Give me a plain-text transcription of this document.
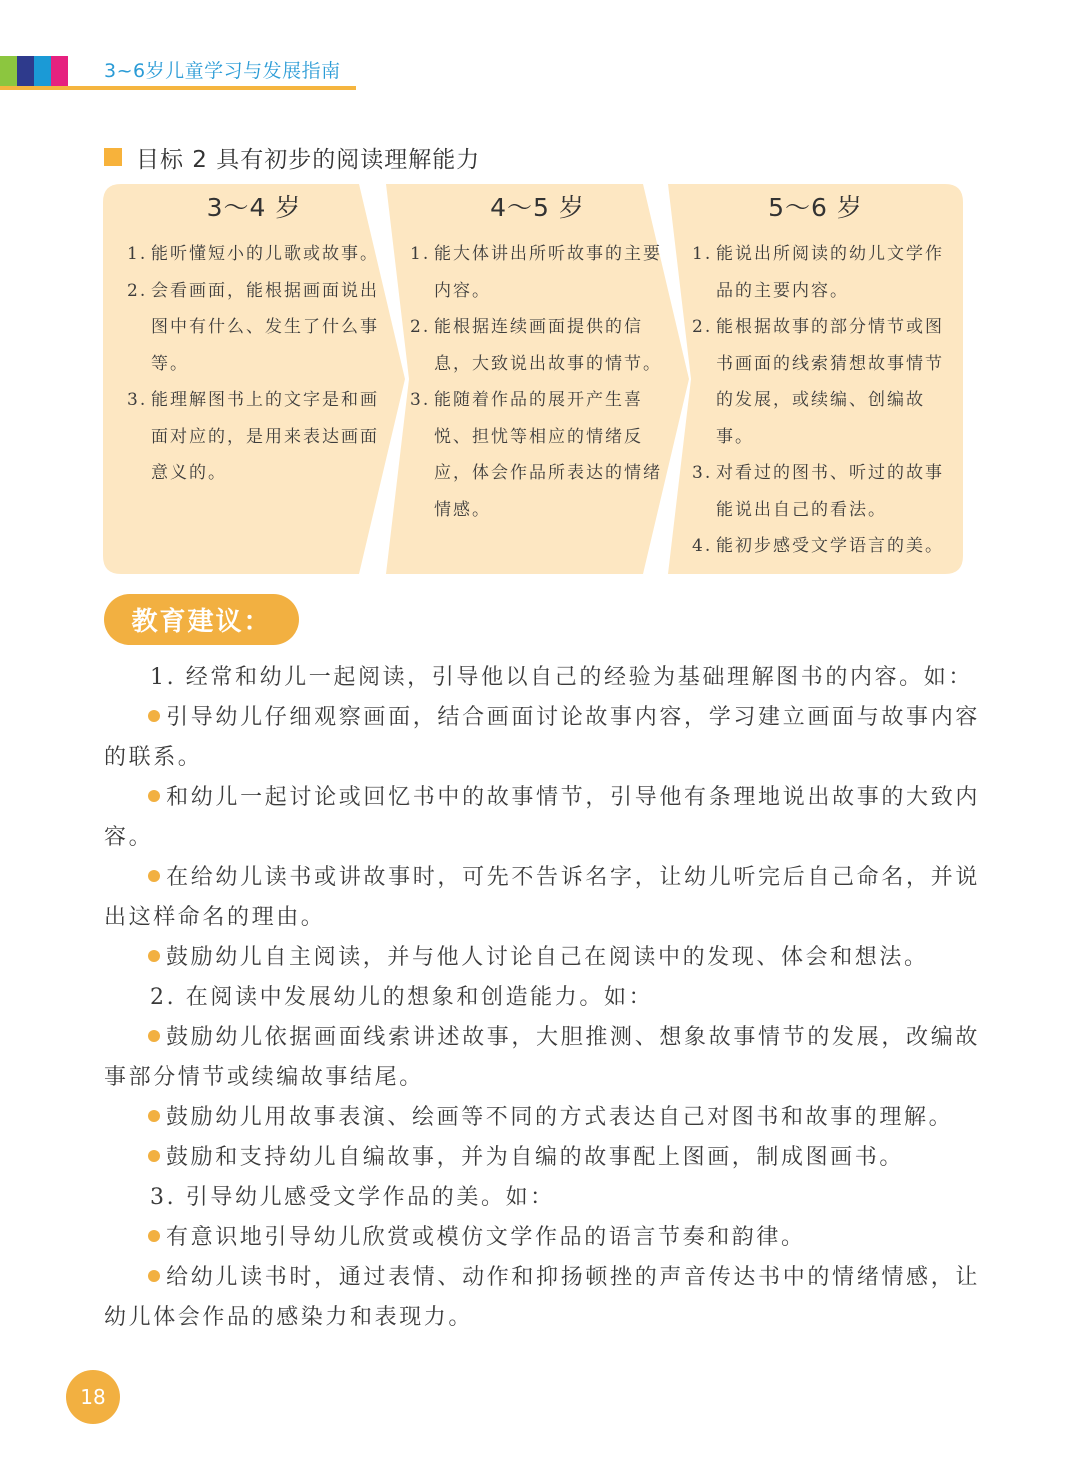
3~6岁儿童学习与发展指南
目标 2 具有初步的阅读理解能力
3～4 岁
1. 能听懂短小的儿歌或故事。
2. 会看画面，能根据画面说出图中有什么、发生了什么事等。
3. 能理解图书上的文字是和画面对应的，是用来表达画面意义的。
4～5 岁
1. 能大体讲出所听故事的主要内容。
2. 能根据连续画面提供的信息，大致说出故事的情节。
3. 能随着作品的展开产生喜悦、担忧等相应的情绪反应，体会作品所表达的情绪情感。
5～6 岁
1. 能说出所阅读的幼儿文学作品的主要内容。
2. 能根据故事的部分情节或图书画面的线索猜想故事情节的发展，或续编、创编故事。
3. 对看过的图书、听过的故事能说出自己的看法。
4. 能初步感受文学语言的美。
教育建议：

1. 经常和幼儿一起阅读，引导他以自己的经验为基础理解图书的内容。如：

引导幼儿仔细观察画面，结合画面讨论故事内容，学习建立画面与故事内容的联系。

和幼儿一起讨论或回忆书中的故事情节，引导他有条理地说出故事的大致内容。

在给幼儿读书或讲故事时，可先不告诉名字，让幼儿听完后自己命名，并说出这样命名的理由。

鼓励幼儿自主阅读，并与他人讨论自己在阅读中的发现、体会和想法。

2. 在阅读中发展幼儿的想象和创造能力。如：

鼓励幼儿依据画面线索讲述故事，大胆推测、想象故事情节的发展，改编故事部分情节或续编故事结尾。

鼓励幼儿用故事表演、绘画等不同的方式表达自己对图书和故事的理解。

鼓励和支持幼儿自编故事，并为自编的故事配上图画，制成图画书。

3. 引导幼儿感受文学作品的美。如：

有意识地引导幼儿欣赏或模仿文学作品的语言节奏和韵律。

给幼儿读书时，通过表情、动作和抑扬顿挫的声音传达书中的情绪情感，让幼儿体会作品的感染力和表现力。

18
